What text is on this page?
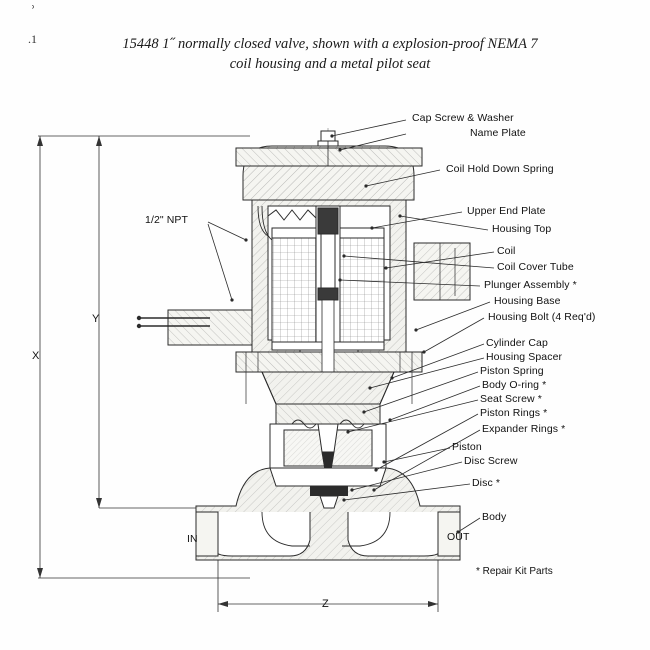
ʾ
.1	15448 1˝ normally closed valve, shown with a explosion-proof NEMA 7
coil housing and a metal pilot seat
X
Y
Z
IN	OUT
1/2" NPT
Cap Screw & Washer
Name Plate
Coil Hold Down Spring
Upper End Plate
Housing Top
Coil
Coil Cover Tube
Plunger Assembly *
Housing Base
Housing Bolt (4 Req'd)
Cylinder Cap
Housing Spacer
Piston Spring
Body O-ring *
Seat Screw *
Piston Rings *
Expander Rings *
Piston
Disc Screw
Disc *
Body
* Repair Kit Parts
